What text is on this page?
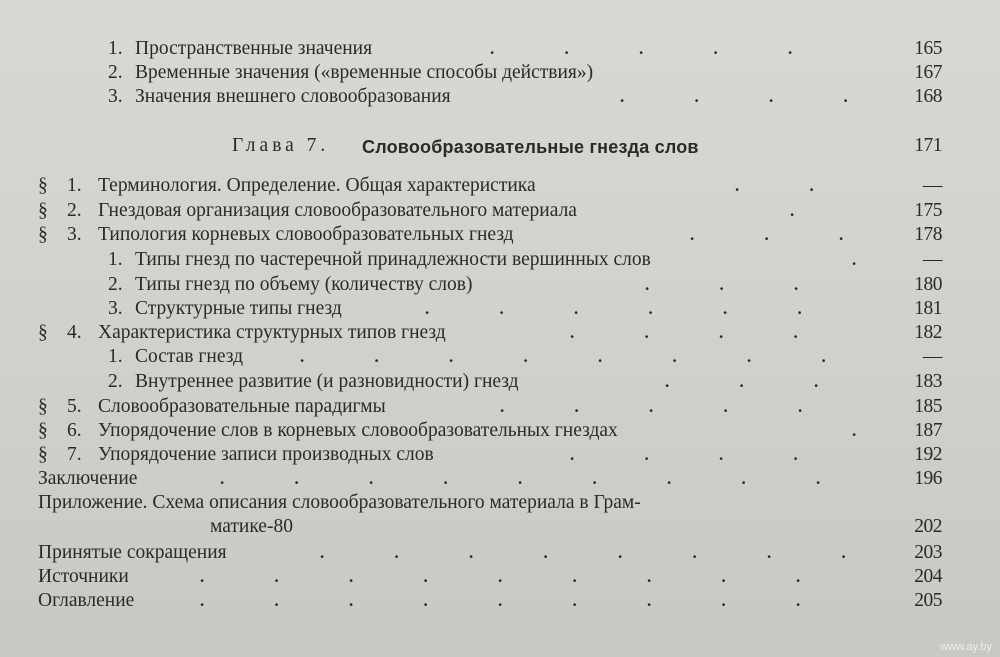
1. Пространственные значения	. . . . .	165
2. Временные значения («временные способы действия»)	167
3. Значения внешнего словообразования	. . . .	168
Глава 7. Словообразовательные гнезда слов	171
§ 1. Терминология. Определение. Общая характеристика	. .	—
§ 2. Гнездовая организация словообразовательного материала	.	175
§ 3. Типология корневых словообразовательных гнезд	. . .	178
1. Типы гнезд по частеречной принадлежности вершинных слов	.	—
2. Типы гнезд по объему (количеству слов)	. . .	180
3. Структурные типы гнезд	. . . . . .	181
§ 4. Характеристика структурных типов гнезд	. . . .	182
1. Состав гнезд	. . . . . . . .	—
2. Внутреннее развитие (и разновидности) гнезд	. . .	183
§ 5. Словообразовательные парадигмы	. . . . .	185
§ 6. Упорядочение слов в корневых словообразовательных гнездах	.	187
§ 7. Упорядочение записи производных слов	. . . .	192
Заключение	. . . . . . . . .	196
Приложение. Схема описания словообразовательного материала в Грам-
матике-80	202
Принятые сокращения	. . . . . . . .	203
Источники	. . . . . . . . .	204
Оглавление	. . . . . . . . .	205
www.ay.by
